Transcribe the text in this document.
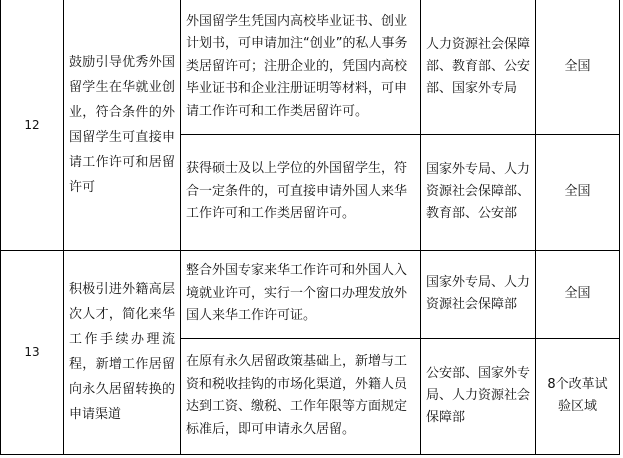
12	鼓励引导优秀外国留学生在华就业创业，符合条件的外国留学生可直接申请工作许可和居留许可	外国留学生凭国内高校毕业证书、创业计划书，可申请加注“创业”的私人事务类居留许可；注册企业的，凭国内高校毕业证书和企业注册证明等材料，可申请工作许可和工作类居留许可。	人力资源社会保障部、教育部、公安部、国家外专局	全国
		获得硕士及以上学位的外国留学生，符合一定条件的，可直接申请外国人来华工作许可和工作类居留许可。	国家外专局、人力资源社会保障部、教育部、公安部	全国
13	积极引进外籍高层次人才，简化来华工作手续办理流程，新增工作居留向永久居留转换的申请渠道	整合外国专家来华工作许可和外国人入境就业许可，实行一个窗口办理发放外国人来华工作许可证。	国家外专局、人力资源社会保障部	全国
		在原有永久居留政策基础上，新增与工资和税收挂钩的市场化渠道，外籍人员达到工资、缴税、工作年限等方面规定标准后，即可申请永久居留。	公安部、国家外专局、人力资源社会保障部	8个改革试验区域
